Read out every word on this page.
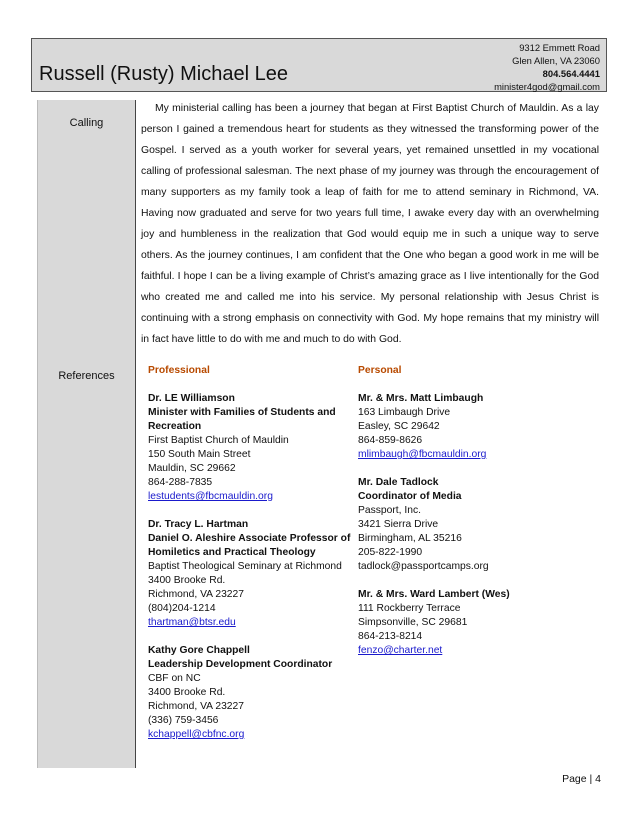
Russell (Rusty) Michael Lee
9312 Emmett Road
Glen Allen, VA 23060
804.564.4441
minister4god@gmail.com
Calling
References

My ministerial calling has been a journey that began at First Baptist Church of Mauldin. As a lay person I gained a tremendous heart for students as they witnessed the transforming power of the Gospel. I served as a youth worker for several years, yet remained unsettled in my vocational calling of professional salesman. The next phase of my journey was through the encouragement of many supporters as my family took a leap of faith for me to attend seminary in Richmond, VA. Having now graduated and serve for two years full time, I awake every day with an overwhelming joy and humbleness in the realization that God would equip me in such a unique way to serve others. As the journey continues, I am confident that the One who began a good work in me will be faithful. I hope I can be a living example of Christ’s amazing grace as I live intentionally for the God who created me and called me into his service. My personal relationship with Jesus Christ is continuing with a strong emphasis on connectivity with God. My hope remains that my ministry will in fact have little to do with me and much to do with God.

Professional
Dr. LE Williamson
Minister with Families of Students and
Recreation
First Baptist Church of Mauldin
150 South Main Street
Mauldin, SC 29662
864-288-7835
lestudents@fbcmauldin.org
Dr. Tracy L. Hartman
Daniel O. Aleshire Associate Professor of
Homiletics and Practical Theology
Baptist Theological Seminary at Richmond
3400 Brooke Rd.
Richmond, VA 23227
(804)204-1214
thartman@btsr.edu
Kathy Gore Chappell
Leadership Development Coordinator
CBF on NC
3400 Brooke Rd.
Richmond, VA 23227
(336) 759-3456
kchappell@cbfnc.org
Personal
Mr. & Mrs. Matt Limbaugh
163 Limbaugh Drive
Easley, SC 29642
864-859-8626
mlimbaugh@fbcmauldin.org
Mr. Dale Tadlock
Coordinator of Media
Passport, Inc.
3421 Sierra Drive
Birmingham, AL 35216
205-822-1990
tadlock@passportcamps.org
Mr. & Mrs. Ward Lambert (Wes)
111 Rockberry Terrace
Simpsonville, SC 29681
864-213-8214
fenzo@charter.net
Page | 4
